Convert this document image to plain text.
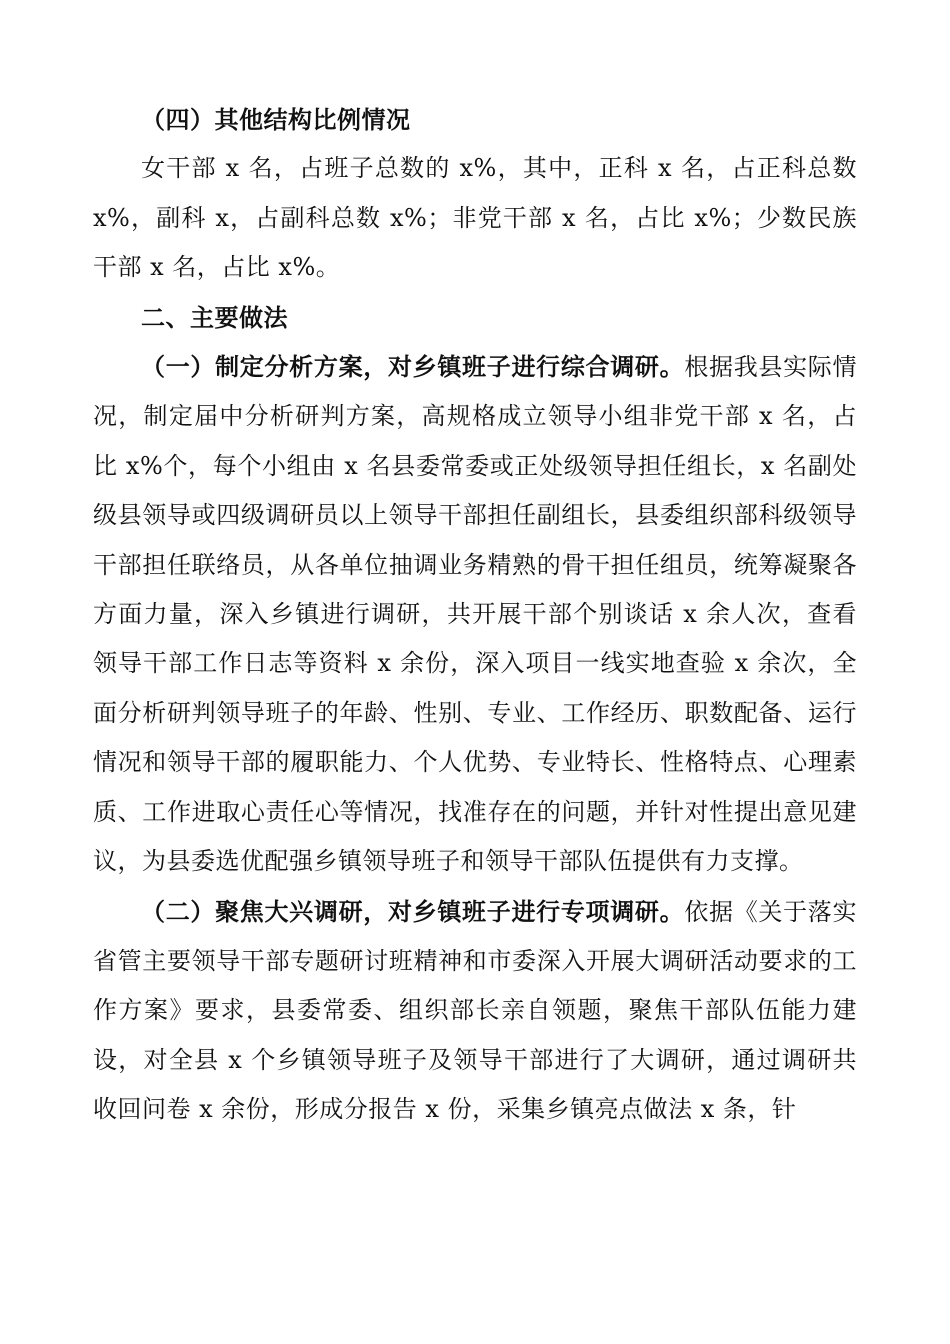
（四）其他结构比例情况

女干部 x 名，占班子总数的 x%，其中，正科 x 名，占正科总数 x%，副科 x，占副科总数 x%；非党干部 x 名，占比 x%；少数民族干部 x 名，占比 x%。

二、主要做法

（一）制定分析方案，对乡镇班子进行综合调研。根据我县实际情况，制定届中分析研判方案，高规格成立领导小组非党干部 x 名，占比 x%个，每个小组由 x 名县委常委或正处级领导担任组长，x 名副处级县领导或四级调研员以上领导干部担任副组长，县委组织部科级领导干部担任联络员，从各单位抽调业务精熟的骨干担任组员，统筹凝聚各方面力量，深入乡镇进行调研，共开展干部个别谈话 x 余人次，查看领导干部工作日志等资料 x 余份，深入项目一线实地查验 x 余次，全面分析研判领导班子的年龄、性别、专业、工作经历、职数配备、运行情况和领导干部的履职能力、个人优势、专业特长、性格特点、心理素质、工作进取心责任心等情况，找准存在的问题，并针对性提出意见建议，为县委选优配强乡镇领导班子和领导干部队伍提供有力支撑。

（二）聚焦大兴调研，对乡镇班子进行专项调研。依据《关于落实省管主要领导干部专题研讨班精神和市委深入开展大调研活动要求的工作方案》要求，县委常委、组织部长亲自领题，聚焦干部队伍能力建设，对全县 x 个乡镇领导班子及领导干部进行了大调研，通过调研共收回问卷 x 余份，形成分报告 x 份，采集乡镇亮点做法 x 条，针
